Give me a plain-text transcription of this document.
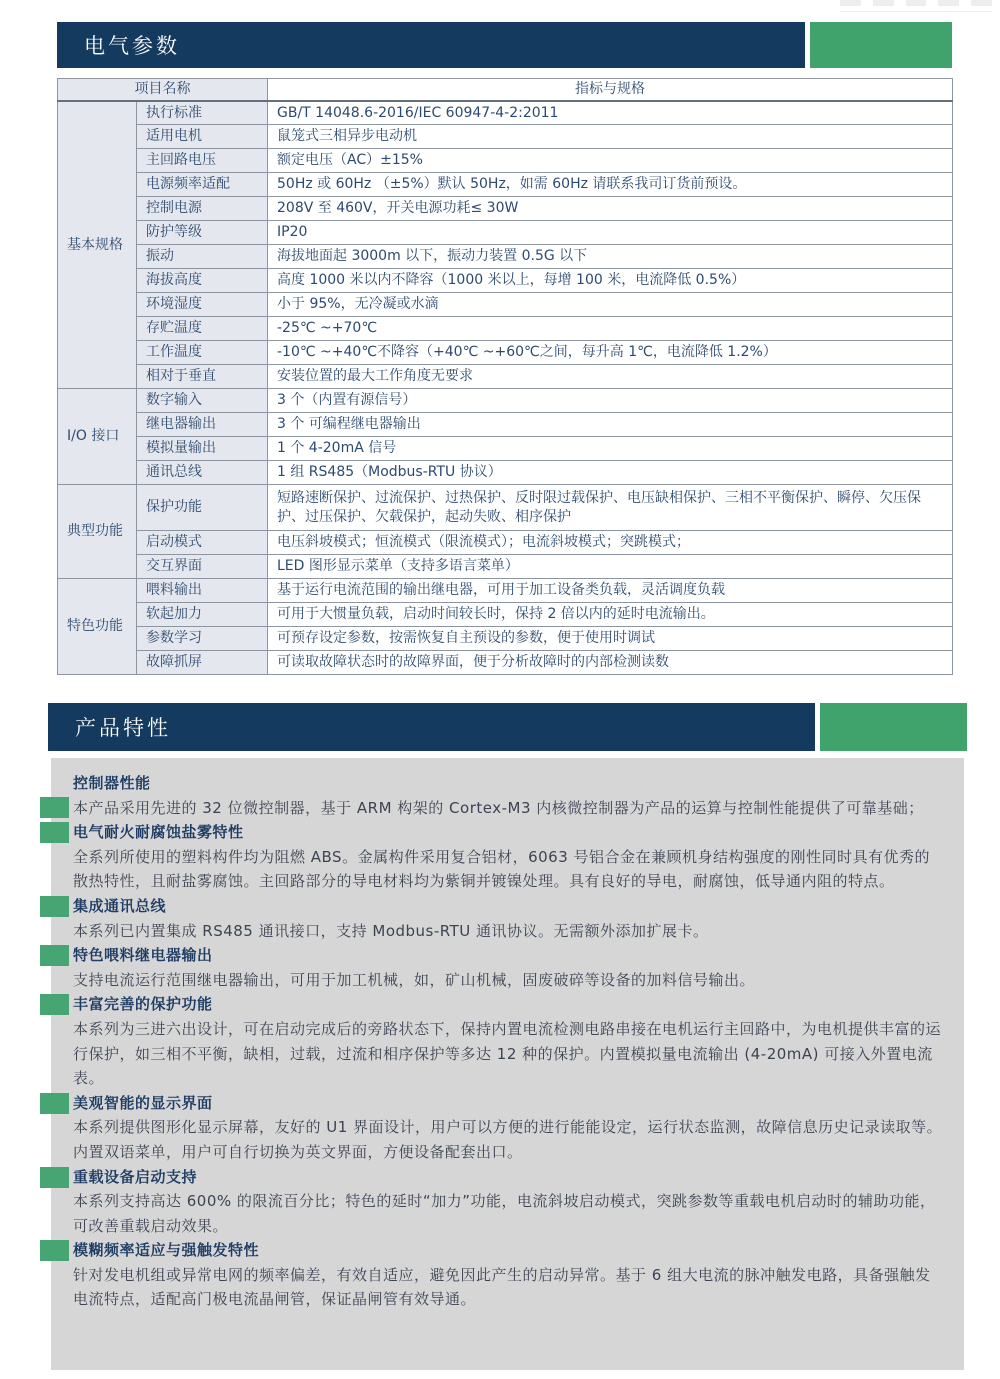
电气参数
项目名称		指标与规格
基本规格	执行标准	GB/T 14048.6-2016/IEC 60947-4-2:2011
	适用电机	鼠笼式三相异步电动机
	主回路电压	额定电压（AC）±15%
	电源频率适配	50Hz 或 60Hz （±5%）默认 50Hz，如需 60Hz 请联系我司订货前预设。
	控制电源	208V 至 460V，开关电源功耗≤ 30W
	防护等级	IP20
	振动	海拔地面起 3000m 以下，振动力装置 0.5G 以下
	海拔高度	高度 1000 米以内不降容（1000 米以上，每增 100 米，电流降低 0.5%）
	环境湿度	小于 95%，无冷凝或水滴
	存贮温度	-25℃ ~+70℃
	工作温度	-10℃ ~+40℃不降容（+40℃ ~+60℃之间，每升高 1℃，电流降低 1.2%）
	相对于垂直	安装位置的最大工作角度无要求
I/O 接口	数字输入	3 个（内置有源信号）
	继电器输出	3 个 可编程继电器输出
	模拟量输出	1 个 4-20mA 信号
	通讯总线	1 组 RS485（Modbus-RTU 协议）
典型功能	保护功能	短路速断保护、过流保护、过热保护、反时限过载保护、电压缺相保护、三相不平衡保护、瞬停、欠压保护、过压保护、欠载保护，起动失败、相序保护
	启动模式	电压斜坡模式；恒流模式（限流模式）；电流斜坡模式；突跳模式；
	交互界面	LED 图形显示菜单（支持多语言菜单）
特色功能	喂料输出	基于运行电流范围的输出继电器，可用于加工设备类负载，灵活调度负载
	软起加力	可用于大惯量负载，启动时间较长时，保持 2 倍以内的延时电流输出。
	参数学习	可预存设定参数，按需恢复自主预设的参数，便于使用时调试
	故障抓屏	可读取故障状态时的故障界面，便于分析故障时的内部检测读数
产品特性
控制器性能
本产品采用先进的 32 位微控制器，基于 ARM 构架的 Cortex-M3 内核微控制器为产品的运算与控制性能提供了可靠基础；
电气耐火耐腐蚀盐雾特性
全系列所使用的塑料构件均为阻燃 ABS。金属构件采用复合铝材，6063 号铝合金在兼顾机身结构强度的刚性同时具有优秀的散热特性，且耐盐雾腐蚀。主回路部分的导电材料均为紫铜并镀镍处理。具有良好的导电，耐腐蚀，低导通内阻的特点。
集成通讯总线
本系列已内置集成 RS485 通讯接口，支持 Modbus-RTU 通讯协议。无需额外添加扩展卡。
特色喂料继电器输出
支持电流运行范围继电器输出，可用于加工机械，如，矿山机械，固废破碎等设备的加料信号输出。
丰富完善的保护功能
本系列为三进六出设计，可在启动完成后的旁路状态下，保持内置电流检测电路串接在电机运行主回路中，为电机提供丰富的运行保护，如三相不平衡，缺相，过载，过流和相序保护等多达 12 种的保护。内置模拟量电流输出 (4-20mA) 可接入外置电流表。
美观智能的显示界面
本系列提供图形化显示屏幕，友好的 U1 界面设计，用户可以方便的进行能能设定，运行状态监测，故障信息历史记录读取等。内置双语菜单，用户可自行切换为英文界面，方便设备配套出口。
重载设备启动支持
本系列支持高达 600% 的限流百分比；特色的延时“加力”功能，电流斜坡启动模式，突跳参数等重载电机启动时的辅助功能，可改善重载启动效果。
模糊频率适应与强触发特性
针对发电机组或异常电网的频率偏差，有效自适应，避免因此产生的启动异常。基于 6 组大电流的脉冲触发电路，具备强触发电流特点，适配高门极电流晶闸管，保证晶闸管有效导通。
